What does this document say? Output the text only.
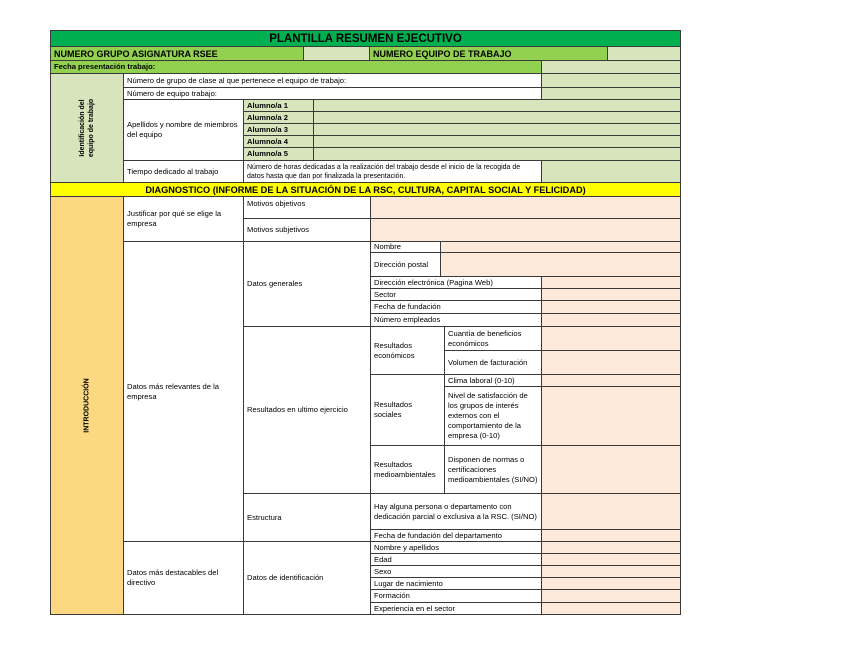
PLANTILLA RESUMEN EJECUTIVO
NUMERO GRUPO ASIGNATURA RSEE	NUMERO EQUIPO DE TRABAJO
Fecha presentación trabajo:
Identificación del equipo de trabajo
Número de grupo de clase al que pertenece el equipo de trabajo:
Número de equipo trabajo:
Apellidos y nombre de miembros del equipo
Alumno/a 1
Alumno/a 2
Alumno/a 3
Alumno/a 4
Alumno/a 5
Tiempo dedicado al trabajo	Número de horas dedicadas a la realización del trabajo desde el inicio de la recogida de datos hasta que dan por finalizada la presentación.
DIAGNOSTICO (INFORME DE LA SITUACIÓN DE LA RSC, CULTURA, CAPITAL SOCIAL Y FELICIDAD)
INTRODUCCIÓN
Justificar por qué se elige la empresa
Motivos objetivos
Motivos subjetivos
Datos más relevantes de la empresa
Datos generales
Nombre
Dirección postal
Dirección electrónica (Pagina Web)
Sector
Fecha de fundación
Número empleados
Resultados en ultimo ejercicio
Resultados económicos
Cuantía de beneficios económicos
Volumen de facturación
Resultados sociales
Clima laboral (0-10)
Nivel de satisfacción de los grupos de interés externos con el comportamiento de la empresa (0-10)
Resultados medioambientales
Disponen de normas o certificaciones medioambientales (SI/NO)
Estructura
Hay alguna persona o departamento con dedicación parcial o exclusiva a la RSC. (SI/NO)
Fecha de fundación del departamento
Datos más destacables del directivo
Datos de identificación
Nombre y apellidos
Edad
Sexo
Lugar de nacimiento
Formación
Experiencia en el sector
